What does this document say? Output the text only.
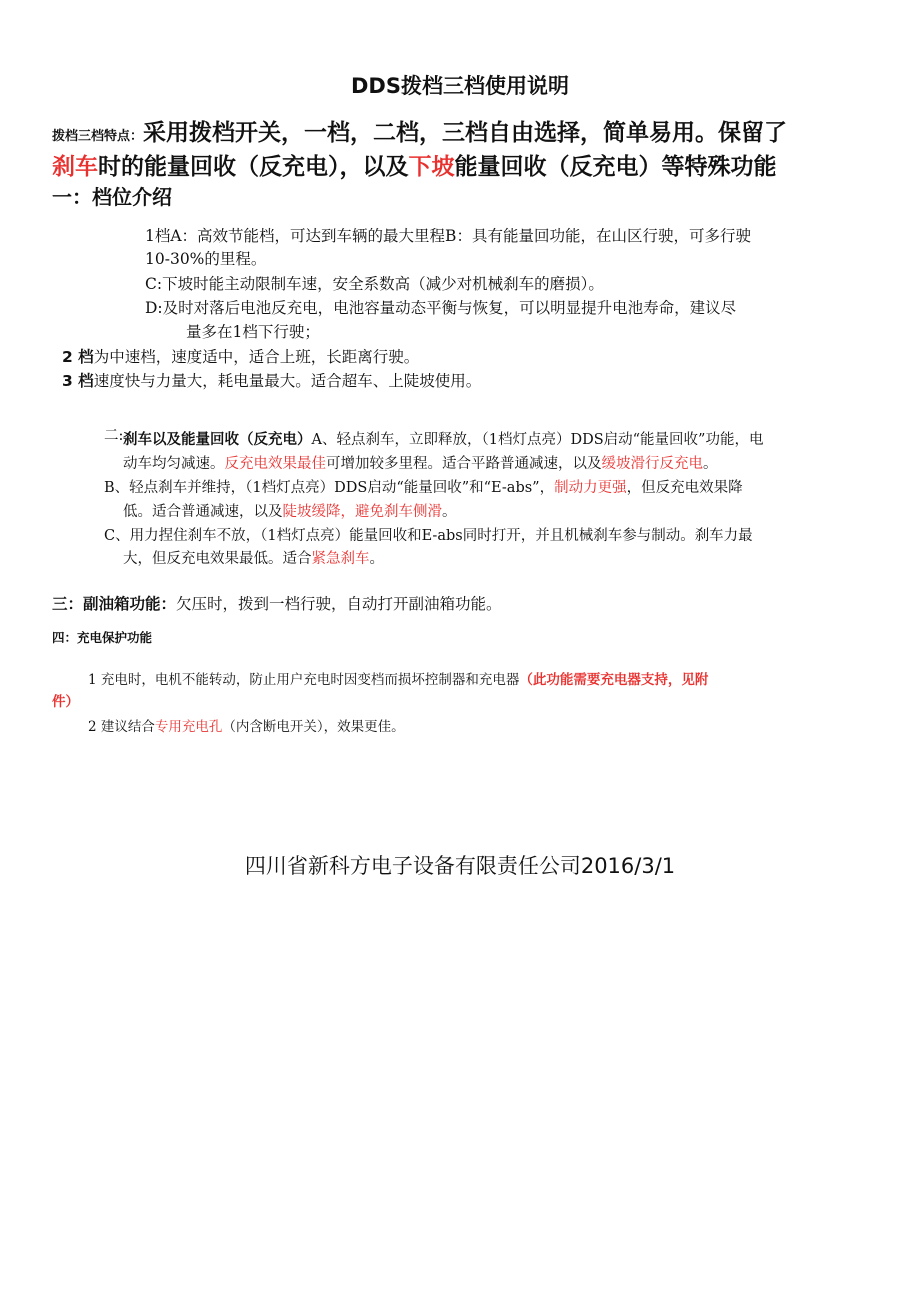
DDS拨档三档使用说明
拨档三档特点：采用拨档开关，一档，二档，三档自由选择，简单易用。保留了
刹车时的能量回收（反充电），以及下坡能量回收（反充电）等特殊功能
一：档位介绍
1档A：高效节能档，可达到车辆的最大里程B：具有能量回功能，在山区行驶，可多行驶
10-30%的里程。
C:下坡时能主动限制车速，安全系数高（减少对机械刹车的磨损）。
D:及时对落后电池反充电，电池容量动态平衡与恢复，可以明显提升电池寿命，建议尽
量多在1档下行驶；
2 档为中速档，速度适中，适合上班，长距离行驶。
3 档速度快与力量大，耗电量最大。适合超车、上陡坡使用。
二: 刹车以及能量回收（反充电）A、轻点刹车，立即释放，（1档灯点亮）DDS启动“能量回收”功能，电
动车均匀减速。反充电效果最佳可增加较多里程。适合平路普通减速，以及缓坡滑行反充电。
B、轻点刹车并维持，（1档灯点亮）DDS启动“能量回收”和“E-abs”，制动力更强，但反充电效果降
低。适合普通减速，以及陡坡缓降，避免刹车侧滑。
C、用力捏住刹车不放，（1档灯点亮）能量回收和E-abs同时打开，并且机械刹车参与制动。刹车力最
大，但反充电效果最低。适合紧急刹车。
三：副油箱功能：欠压时，拨到一档行驶，自动打开副油箱功能。
四：充电保护功能
1 充电时，电机不能转动，防止用户充电时因变档而损坏控制器和充电器（此功能需要充电器支持，见附
件）
2 建议结合专用充电孔（内含断电开关），效果更佳。
四川省新科方电子设备有限责任公司2016/3/1
